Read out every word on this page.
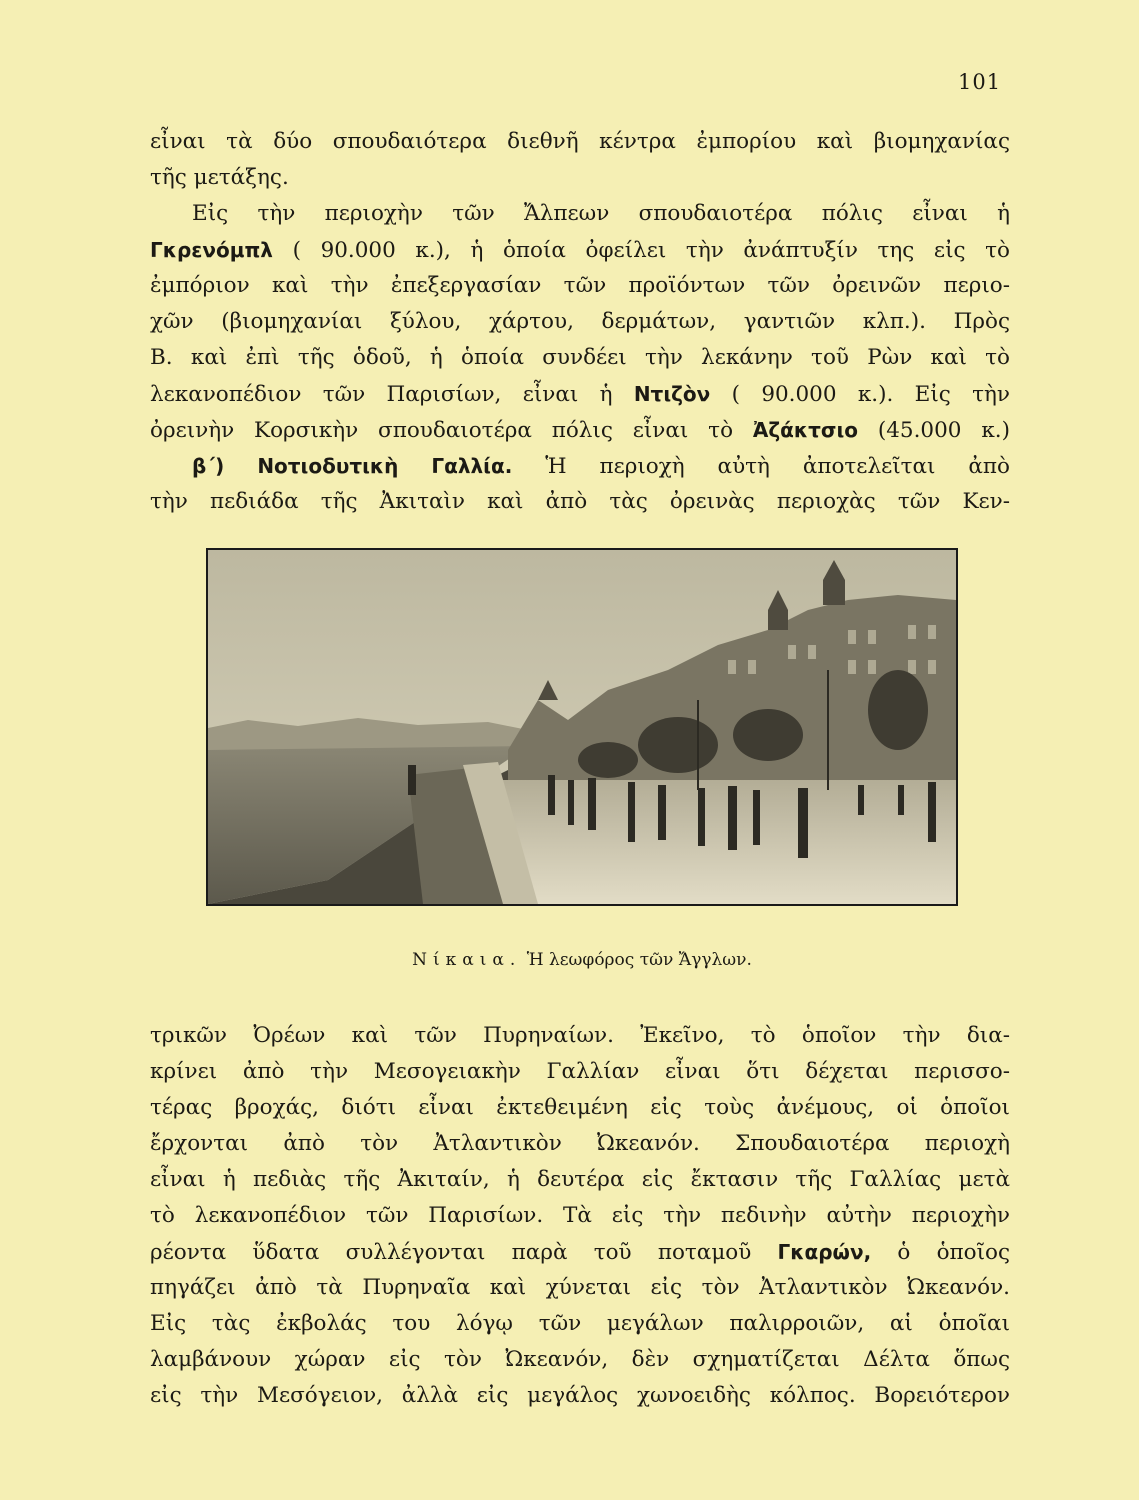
101
εἶναι τὰ δύο σπουδαιότερα διεθνῆ κέντρα ἐμπορίου καὶ βιομηχανίας
τῆς μετάξης.
Εἰς τὴν περιοχὴν τῶν Ἄλπεων σπουδαιοτέρα πόλις εἶναι ἡ
Γκρενόμπλ ( 90.000 κ.), ἡ ὁποία ὀφείλει τὴν ἀνάπτυξίν της εἰς τὸ
ἐμπόριον καὶ τὴν ἐπεξεργασίαν τῶν προϊόντων τῶν ὀρεινῶν περιο-
χῶν (βιομηχανίαι ξύλου, χάρτου, δερμάτων, γαντιῶν κλπ.). Πρὸς
Β. καὶ ἐπὶ τῆς ὁδοῦ, ἡ ὁποία συνδέει τὴν λεκάνην τοῦ Ρὼν καὶ τὸ
λεκανοπέδιον τῶν Παρισίων, εἶναι ἡ Ντιζὸν ( 90.000 κ.). Εἰς τὴν
ὀρεινὴν Κορσικὴν σπουδαιοτέρα πόλις εἶναι τὸ Ἀζάκτσιο (45.000 κ.)
β΄) Νοτιοδυτικὴ Γαλλία. Ἡ περιοχὴ αὐτὴ ἀποτελεῖται ἀπὸ
τὴν πεδιάδα τῆς Ἀκιταὶν καὶ ἀπὸ τὰς ὀρεινὰς περιοχὰς τῶν Κεν-
Νίκαια. Ἡ λεωφόρος τῶν Ἄγγλων.
τρικῶν Ὀρέων καὶ τῶν Πυρηναίων. Ἐκεῖνο, τὸ ὁποῖον τὴν δια-
κρίνει ἀπὸ τὴν Μεσογειακὴν Γαλλίαν εἶναι ὅτι δέχεται περισσο-
τέρας βροχάς, διότι εἶναι ἐκτεθειμένη εἰς τοὺς ἀνέμους, οἱ ὁποῖοι
ἔρχονται ἀπὸ τὸν Ἀτλαντικὸν Ὠκεανόν. Σπουδαιοτέρα περιοχὴ
εἶναι ἡ πεδιὰς τῆς Ἀκιταίν, ἡ δευτέρα εἰς ἔκτασιν τῆς Γαλλίας μετὰ
τὸ λεκανοπέδιον τῶν Παρισίων. Τὰ εἰς τὴν πεδινὴν αὐτὴν περιοχὴν
ρέοντα ὕδατα συλλέγονται παρὰ τοῦ ποταμοῦ Γκαρών, ὁ ὁποῖος
πηγάζει ἀπὸ τὰ Πυρηναῖα καὶ χύνεται εἰς τὸν Ἀτλαντικὸν Ὠκεανόν.
Εἰς τὰς ἐκβολάς του λόγῳ τῶν μεγάλων παλιρροιῶν, αἱ ὁποῖαι
λαμβάνουν χώραν εἰς τὸν Ὠκεανόν, δὲν σχηματίζεται Δέλτα ὅπως
εἰς τὴν Μεσόγειον, ἀλλὰ εἰς μεγάλος χωνοειδὴς κόλπος. Βορειότερον
